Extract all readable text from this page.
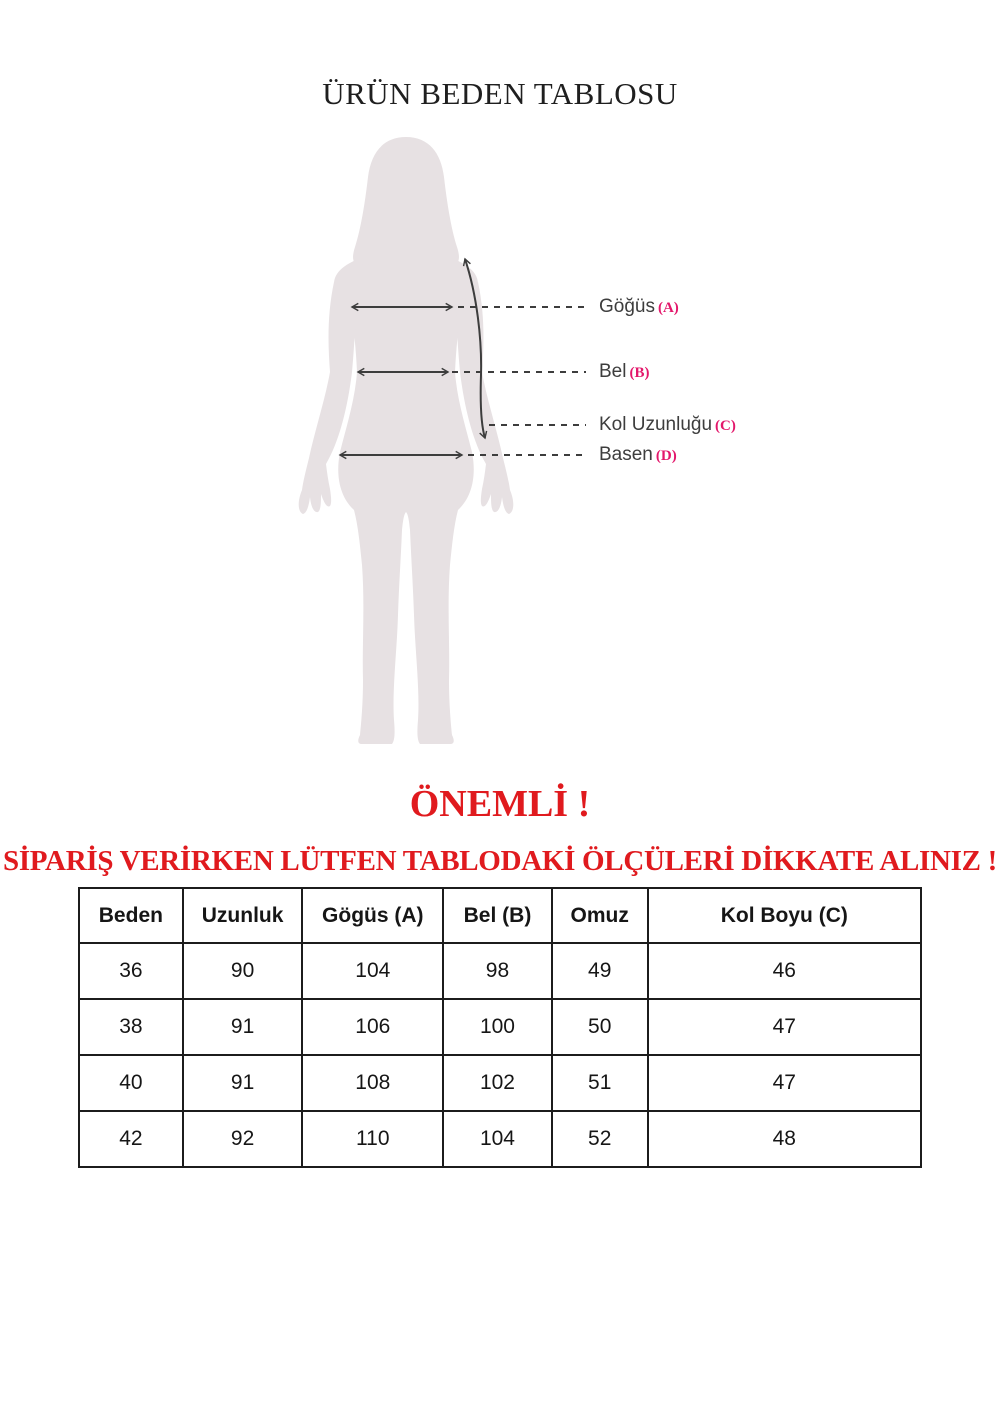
ÜRÜN BEDEN TABLOSU
Göğüs (A)
Bel (B)
Kol Uzunluğu (C)
Basen (D)
ÖNEMLİ !
SİPARİŞ VERİRKEN LÜTFEN TABLODAKİ ÖLÇÜLERİ DİKKATE ALINIZ !
Beden	Uzunluk	Gögüs (A)	Bel (B)	Omuz	Kol Boyu (C)
36	90	104	98	49	46
38	91	106	100	50	47
40	91	108	102	51	47
42	92	110	104	52	48
